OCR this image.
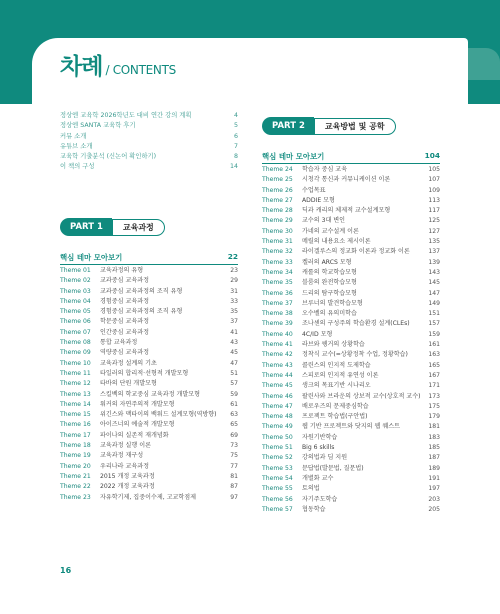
차례 / CONTENTS
정상엔 교육학 2026학년도 대비 연간 강의 계획	4
정상엔 SANTA 교육학 후기	5
커뮤 소개	6
유튜브 소개	7
교육학 기출분석 (신논어 확인하기)	8
이 책의 구성	14
PART 1	교육과정
핵심 테마 모아보기	22
Theme 01	교육과정의 유형	23
Theme 02	교과중심 교육과정	29
Theme 03	교과중심 교육과정의 조직 유형	31
Theme 04	경험중심 교육과정	33
Theme 05	경험중심 교육과정의 조직 유형	35
Theme 06	학문중심 교육과정	37
Theme 07	인간중심 교육과정	41
Theme 08	통합 교육과정	43
Theme 09	역량중심 교육과정	45
Theme 10	교육과정 설계의 기초	47
Theme 11	타일러의 합리적·선형적 개발모형	51
Theme 12	타바의 단원 개발모형	57
Theme 13	스킬벡의 학교중심 교육과정 개발모형	59
Theme 14	워커의 자연주의적 개발모형	61
Theme 15	위긴스와 맥타이의 백워드 설계모형(역방향)	63
Theme 16	아이즈너의 예술적 개발모형	65
Theme 17	파이나의 실존적 재개념화	69
Theme 18	교육과정 실행 이론	73
Theme 19	교육과정 재구성	75
Theme 20	우리나라 교육과정	77
Theme 21	2015 개정 교육과정	81
Theme 22	2022 개정 교육과정	87
Theme 23	자유학기제, 집중이수제, 고교학점제	97
PART 2	교육방법 및 공학
핵심 테마 모아보기	104
Theme 24	학습자 중심 교육	105
Theme 25	시청각 통신과 커뮤니케이션 이론	107
Theme 26	수업목표	109
Theme 27	ADDIE 모형	113
Theme 28	딕과 캐리의 체제적 교수설계모형	117
Theme 29	교수의 3대 변인	125
Theme 30	가네의 교수설계 이론	127
Theme 31	메릴의 내용요소 제시이론	135
Theme 32	라이겔루스의 정교화 이론과 정교화 이론	137
Theme 33	켈러의 ARCS 모형	139
Theme 34	캐롤의 학교학습모형	143
Theme 35	블룸의 완전학습모형	145
Theme 36	드리의 탐구학습모형	147
Theme 37	브루너의 발견학습모형	149
Theme 38	오수벨의 유의미학습	151
Theme 39	조나센의 구성주의 학습환경 설계(CLEs)	157
Theme 40	4C/ID 모형	159
Theme 41	라브와 웽거의 상황학습	161
Theme 42	정착식 교수(=상황정착 수업, 정황학습)	163
Theme 43	콜린스의 인지적 도제학습	165
Theme 44	스피로의 인지적 유연성 이론	167
Theme 45	생크의 목표기반 시나리오	171
Theme 46	팔린사와 브라운의 상보적 교수(상호적 교수)	173
Theme 47	배로우즈의 문제중심학습	175
Theme 48	프로젝트 학습법(구안법)	179
Theme 49	웹 기반 프로젝트와 닷지의 웹 퀘스트	181
Theme 50	자원기반학습	183
Theme 51	Big 6 skills	185
Theme 52	강의법과 딤 지원	187
Theme 53	문답법(발문법, 질문법)	189
Theme 54	개별화 교수	191
Theme 55	토의법	197
Theme 56	자기주도학습	203
Theme 57	협동학습	205
16
